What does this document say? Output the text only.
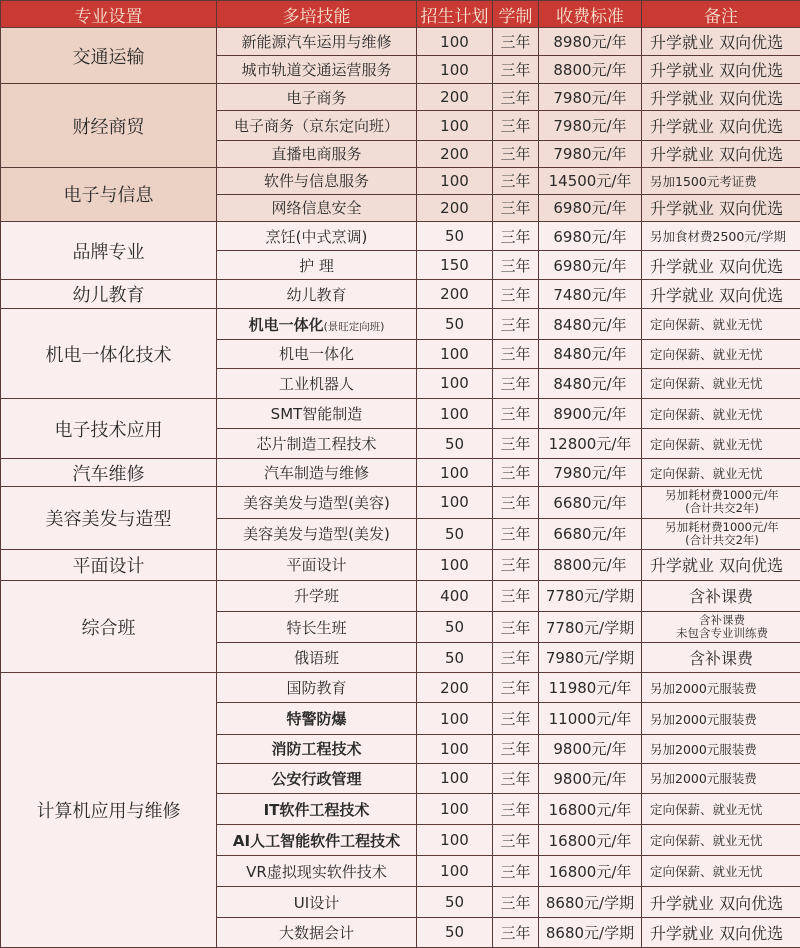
专业设置	多培技能	招生计划	学制	收费标准	备注
交通运输	新能源汽车运用与维修	100	三年	8980元/年	升学就业 双向优选
	城市轨道交通运营服务	100	三年	8800元/年	升学就业 双向优选
财经商贸	电子商务	200	三年	7980元/年	升学就业 双向优选
	电子商务（京东定向班）	100	三年	7980元/年	升学就业 双向优选
	直播电商服务	200	三年	7980元/年	升学就业 双向优选
电子与信息	软件与信息服务	100	三年	14500元/年	另加1500元考证费
	网络信息安全	200	三年	6980元/年	升学就业 双向优选
品牌专业	烹饪(中式烹调)	50	三年	6980元/年	另加食材费2500元/学期
	护 理	150	三年	6980元/年	升学就业 双向优选
幼儿教育	幼儿教育	200	三年	7480元/年	升学就业 双向优选
机电一体化技术	机电一体化(景旺定向班)	50	三年	8480元/年	定向保薪、就业无忧
	机电一体化	100	三年	8480元/年	定向保薪、就业无忧
	工业机器人	100	三年	8480元/年	定向保薪、就业无忧
电子技术应用	SMT智能制造	100	三年	8900元/年	定向保薪、就业无忧
	芯片制造工程技术	50	三年	12800元/年	定向保薪、就业无忧
汽车维修	汽车制造与维修	100	三年	7980元/年	定向保薪、就业无忧
美容美发与造型	美容美发与造型(美容)	100	三年	6680元/年	另加耗材费1000元/年
(合计共交2年)

	美容美发与造型(美发)	50	三年	6680元/年	另加耗材费1000元/年
(合计共交2年)

平面设计	平面设计	100	三年	8800元/年	升学就业 双向优选
综合班	升学班	400	三年	7780元/学期	含补课费
	特长生班	50	三年	7780元/学期	含补课费
未包含专业训练费

	俄语班	50	三年	7980元/学期	含补课费
计算机应用与维修	国防教育	200	三年	11980元/年	另加2000元服装费
	特警防爆	100	三年	11000元/年	另加2000元服装费
	消防工程技术	100	三年	9800元/年	另加2000元服装费
	公安行政管理	100	三年	9800元/年	另加2000元服装费
	IT软件工程技术	100	三年	16800元/年	定向保薪、就业无忧
	AI人工智能软件工程技术	100	三年	16800元/年	定向保薪、就业无忧
	VR虚拟现实软件技术	100	三年	16800元/年	定向保薪、就业无忧
	UI设计	50	三年	8680元/学期	升学就业 双向优选
	大数据会计	50	三年	8680元/学期	升学就业 双向优选
